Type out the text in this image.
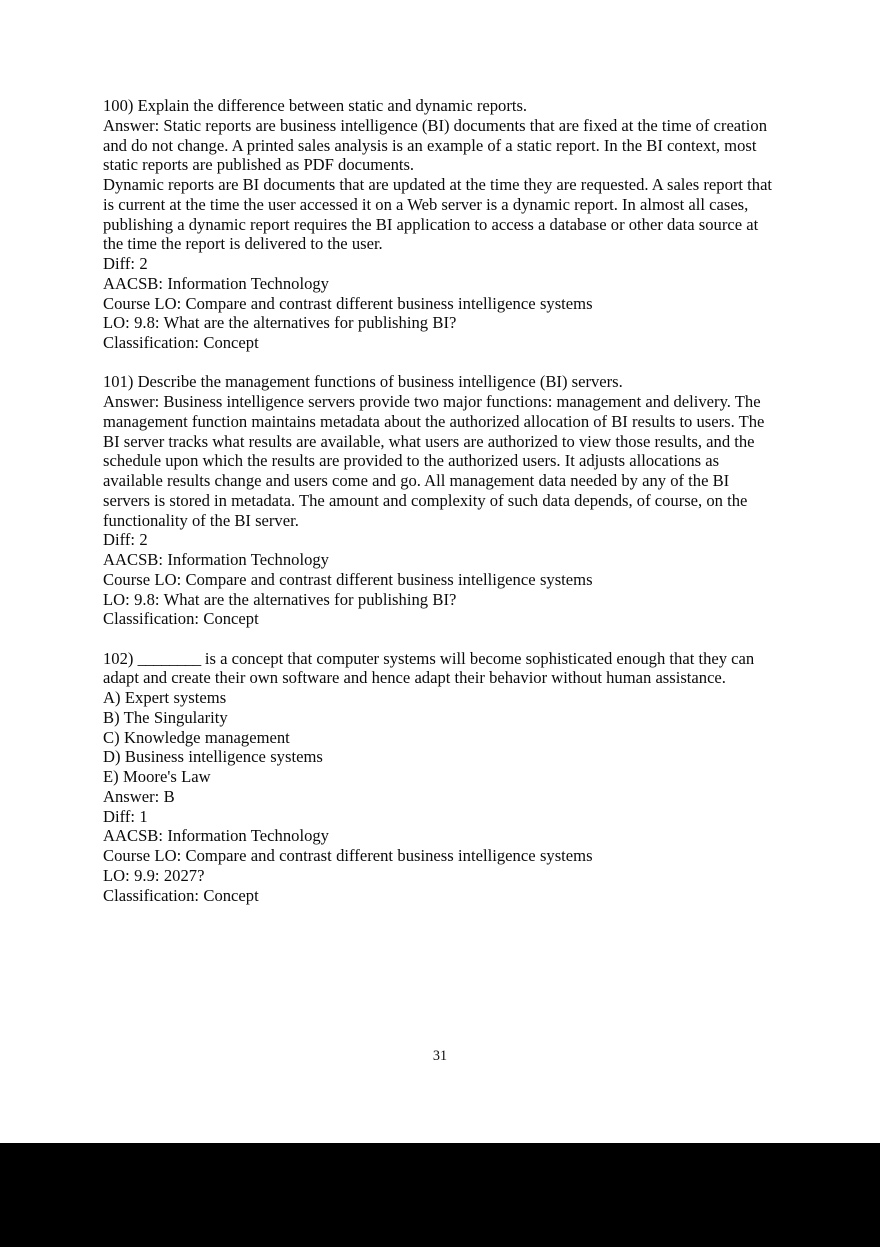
100) Explain the difference between static and dynamic reports.
Answer: Static reports are business intelligence (BI) documents that are fixed at the time of creation and do not change. A printed sales analysis is an example of a static report. In the BI context, most static reports are published as PDF documents.
Dynamic reports are BI documents that are updated at the time they are requested. A sales report that is current at the time the user accessed it on a Web server is a dynamic report. In almost all cases, publishing a dynamic report requires the BI application to access a database or other data source at the time the report is delivered to the user.
Diff: 2
AACSB: Information Technology
Course LO: Compare and contrast different business intelligence systems
LO: 9.8: What are the alternatives for publishing BI?
Classification: Concept
101) Describe the management functions of business intelligence (BI) servers.
Answer: Business intelligence servers provide two major functions: management and delivery. The management function maintains metadata about the authorized allocation of BI results to users. The BI server tracks what results are available, what users are authorized to view those results, and the schedule upon which the results are provided to the authorized users. It adjusts allocations as available results change and users come and go. All management data needed by any of the BI servers is stored in metadata. The amount and complexity of such data depends, of course, on the functionality of the BI server.
Diff: 2
AACSB: Information Technology
Course LO: Compare and contrast different business intelligence systems
LO: 9.8: What are the alternatives for publishing BI?
Classification: Concept
102) ________ is a concept that computer systems will become sophisticated enough that they can adapt and create their own software and hence adapt their behavior without human assistance.
A) Expert systems
B) The Singularity
C) Knowledge management
D) Business intelligence systems
E) Moore's Law
Answer: B
Diff: 1
AACSB: Information Technology
Course LO: Compare and contrast different business intelligence systems
LO: 9.9: 2027?
Classification: Concept
31
